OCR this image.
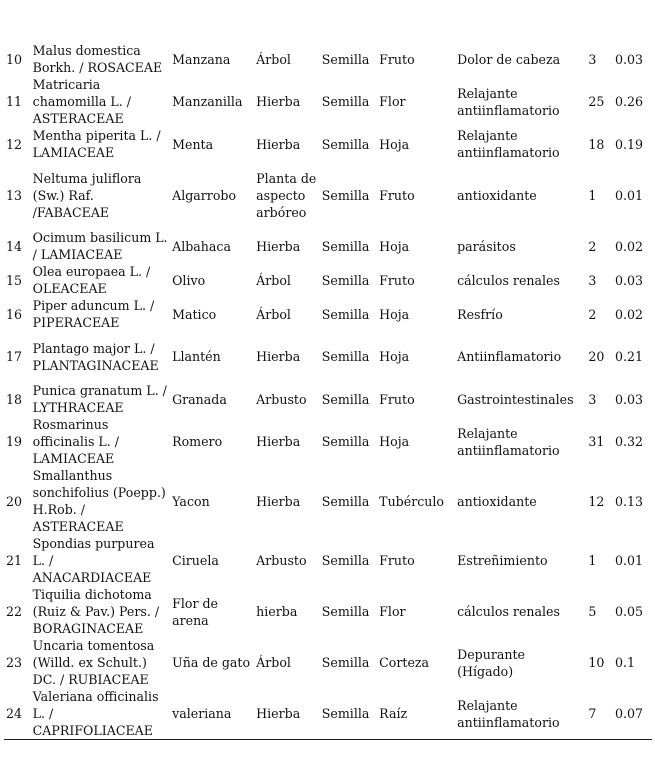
10	Malus domestica Borkh. / ROSACEAE	Manzana	Árbol	Semilla	Fruto	Dolor de cabeza	3	0.03
11	Matricaria chamomilla L. / ASTERACEAE	Manzanilla	Hierba	Semilla	Flor	Relajante antiinflamatorio	25	0.26
12	Mentha piperita L. / LAMIACEAE	Menta	Hierba	Semilla	Hoja	Relajante antiinflamatorio	18	0.19
13	Neltuma juliflora (Sw.) Raf. /FABACEAE	Algarrobo	Planta de aspecto arbóreo	Semilla	Fruto	antioxidante	1	0.01
14	Ocimum basilicum L. / LAMIACEAE	Albahaca	Hierba	Semilla	Hoja	parásitos	2	0.02
15	Olea europaea L. / OLEACEAE	Olivo	Árbol	Semilla	Fruto	cálculos renales	3	0.03
16	Piper aduncum L. / PIPERACEAE	Matico	Árbol	Semilla	Hoja	Resfrío	2	0.02
17	Plantago major L. / PLANTAGINACEAE	Llantén	Hierba	Semilla	Hoja	Antiinflamatorio	20	0.21
18	Punica granatum L. / LYTHRACEAE	Granada	Arbusto	Semilla	Fruto	Gastrointestinales	3	0.03
19	Rosmarinus officinalis L. / LAMIACEAE	Romero	Hierba	Semilla	Hoja	Relajante antiinflamatorio	31	0.32
20	Smallanthus sonchifolius (Poepp.) H.Rob. / ASTERACEAE	Yacon	Hierba	Semilla	Tubérculo	antioxidante	12	0.13
21	Spondias purpurea L. / ANACARDIACEAE	Ciruela	Arbusto	Semilla	Fruto	Estreñimiento	1	0.01
22	Tiquilia dichotoma (Ruiz & Pav.) Pers. / BORAGINACEAE	Flor de arena	hierba	Semilla	Flor	cálculos renales	5	0.05
23	Uncaria tomentosa (Willd. ex Schult.) DC. / RUBIACEAE	Uña de gato	Árbol	Semilla	Corteza	Depurante (Hígado)	10	0.1
24	Valeriana officinalis L. / CAPRIFOLIACEAE	valeriana	Hierba	Semilla	Raíz	Relajante antiinflamatorio	7	0.07
